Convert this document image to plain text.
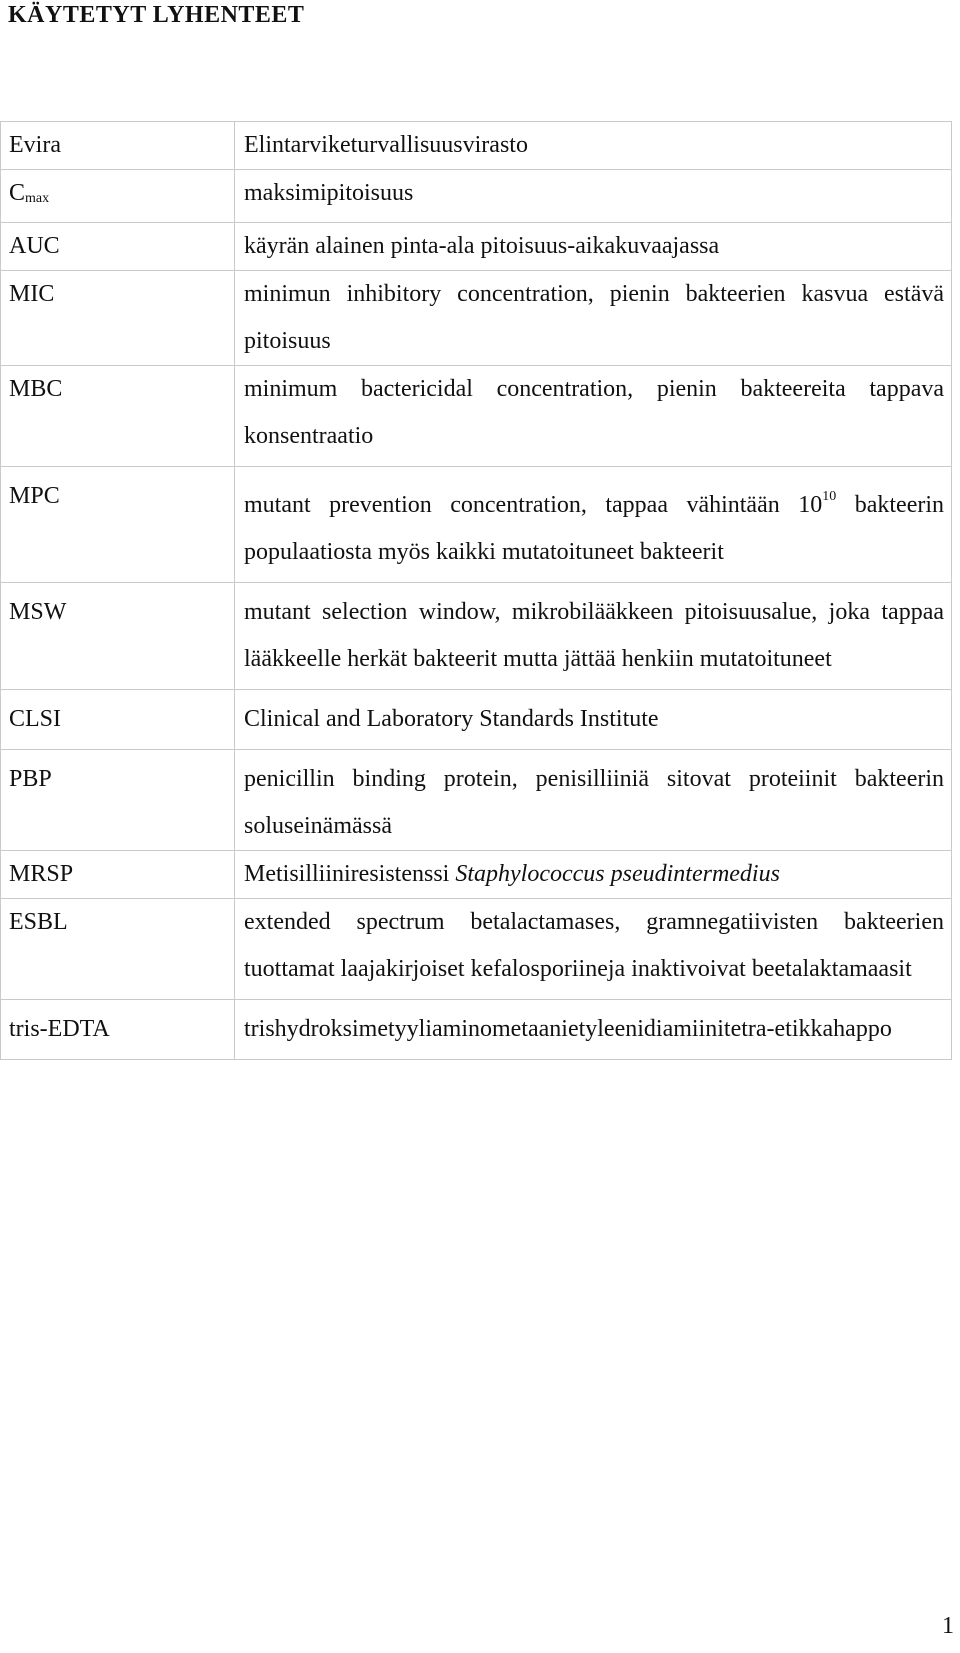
KÄYTETYT LYHENTEET
Evira	Elintarviketurvallisuusvirasto
Cmax	maksimipitoisuus
AUC	käyrän alainen pinta-ala pitoisuus-aikakuvaajassa
MIC	minimun inhibitory concentration, pienin bakteerien kasvua estävä pitoisuus
MBC	minimum bactericidal concentration, pienin bakteereita tappava konsentraatio
MPC	mutant prevention concentration, tappaa vähintään $10^{10}$ bakteerin populaatiosta myös kaikki mutatoituneet bakteerit
MSW	mutant selection window, mikrobilääkkeen pitoisuusalue, joka tappaa lääkkeelle herkät bakteerit mutta jättää henkiin mutatoituneet
CLSI	Clinical and Laboratory Standards Institute
PBP	penicillin binding protein, penisilliiniä sitovat proteiinit bakteerin soluseinämässä
MRSP	Metisilliiniresistenssi Staphylococcus pseudintermedius
ESBL	extended spectrum betalactamases, gramnegatiivisten bakteerien tuottamat laajakirjoiset kefalosporiineja inaktivoivat beetalaktamaasit
tris-EDTA	trishydroksimetyyliaminometaanietyleenidiamiinitetra-etikkahappo
1
